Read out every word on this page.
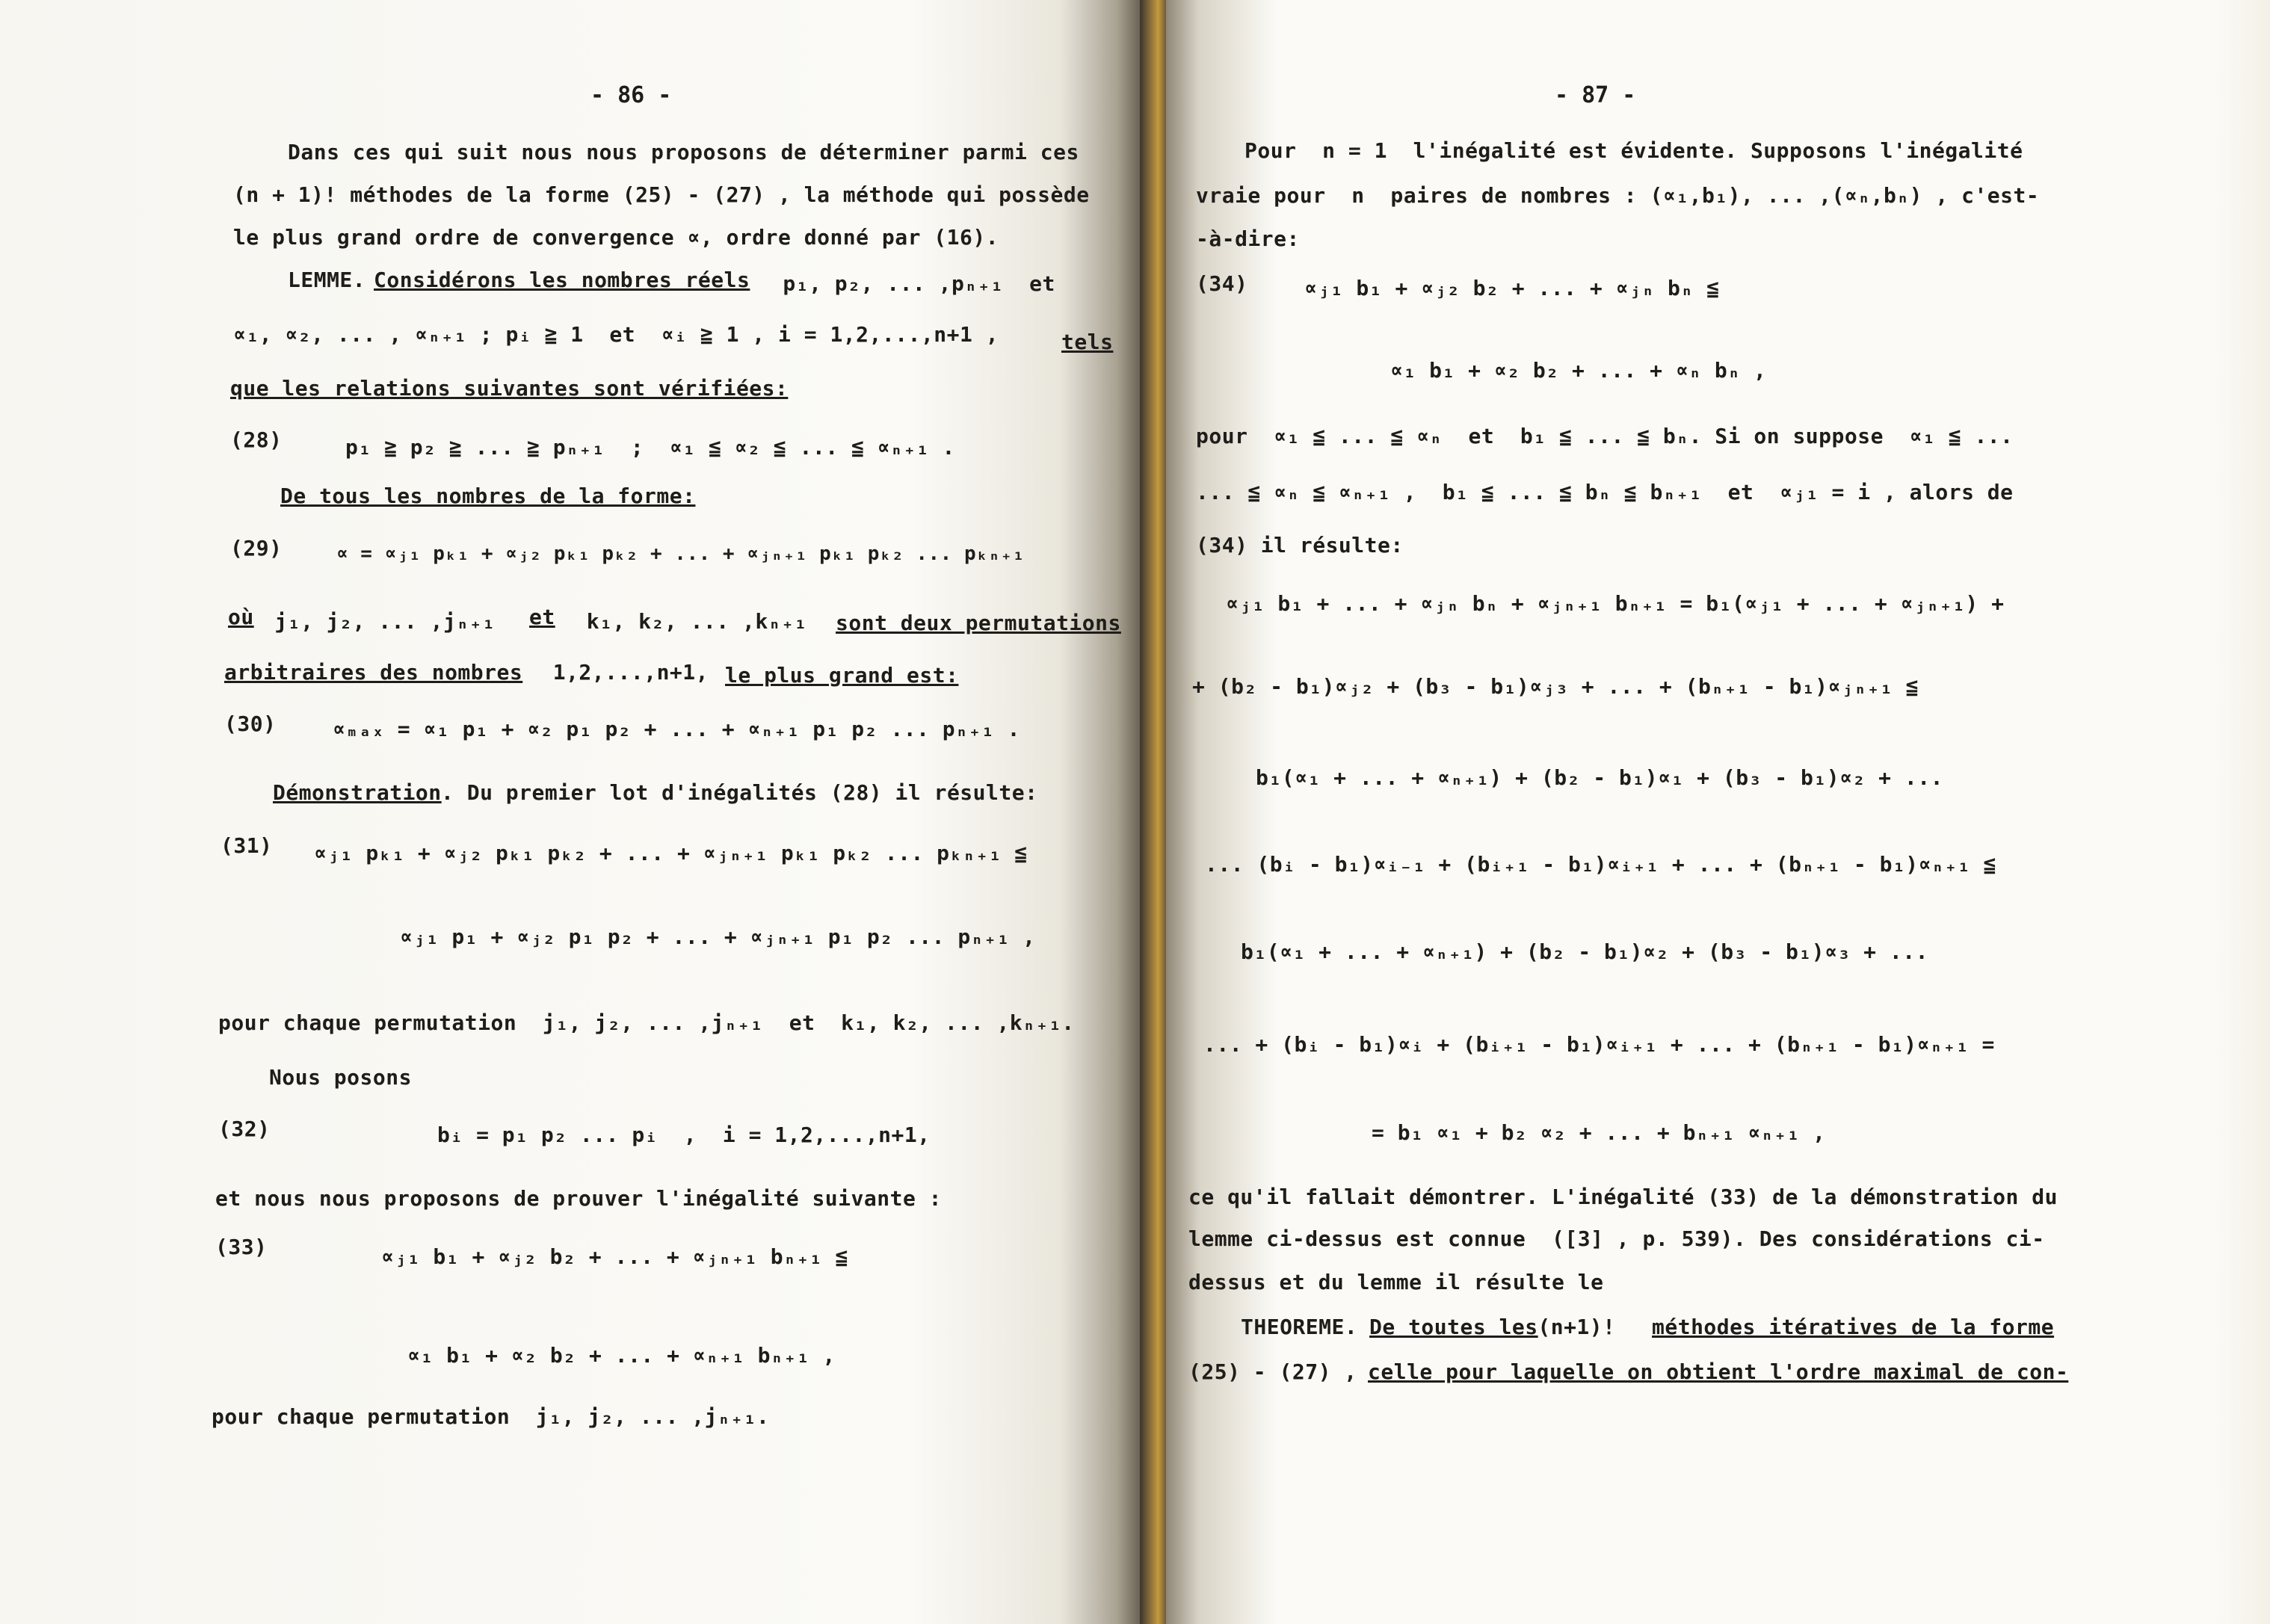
- 86 -
Dans ces qui suit nous nous proposons de déterminer parmi ces
(n + 1)! méthodes de la forme (25) - (27) , la méthode qui possède
le plus grand ordre de convergence ∝, ordre donné par (16).
LEMME.
Considérons les nombres réels p₁, p₂, ... ,pₙ₊₁  et
∝₁, ∝₂, ... , ∝ₙ₊₁ ; pᵢ ≧ 1  et  ∝ᵢ ≧ 1 , i = 1,2,...,n+1 , tels
que les relations suivantes sont vérifiées:
(28)	p₁ ≧ p₂ ≧ ... ≧ pₙ₊₁  ;  ∝₁ ≦ ∝₂ ≦ ... ≦ ∝ₙ₊₁ .
De tous les nombres de la forme:
(29)	∝ = ∝ⱼ₁ pₖ₁ + ∝ⱼ₂ pₖ₁ pₖ₂ + ... + ∝ⱼₙ₊₁ pₖ₁ pₖ₂ ... pₖₙ₊₁
où j₁, j₂, ... ,jₙ₊₁ et k₁, k₂, ... ,kₙ₊₁ sont deux permutations
arbitraires des nombres 1,2,...,n+1,
le plus grand est:
(30)	∝ₘₐₓ = ∝₁ p₁ + ∝₂ p₁ p₂ + ... + ∝ₙ₊₁ p₁ p₂ ... pₙ₊₁ .
Démonstration . Du premier lot d'inégalités (28) il résulte:
(31) ∝ⱼ₁ pₖ₁ + ∝ⱼ₂ pₖ₁ pₖ₂ + ... + ∝ⱼₙ₊₁ pₖ₁ pₖ₂ ... pₖₙ₊₁ ≦
∝ⱼ₁ p₁ + ∝ⱼ₂ p₁ p₂ + ... + ∝ⱼₙ₊₁ p₁ p₂ ... pₙ₊₁ ,
pour chaque permutation  j₁, j₂, ... ,jₙ₊₁  et  k₁, k₂, ... ,kₙ₊₁.
Nous posons
(32)	bᵢ = p₁ p₂ ... pᵢ  ,  i = 1,2,...,n+1,
et nous nous proposons de prouver l'inégalité suivante :
(33)	∝ⱼ₁ b₁ + ∝ⱼ₂ b₂ + ... + ∝ⱼₙ₊₁ bₙ₊₁ ≦
∝₁ b₁ + ∝₂ b₂ + ... + ∝ₙ₊₁ bₙ₊₁ ,
pour chaque permutation  j₁, j₂, ... ,jₙ₊₁.
- 87 -
Pour  n = 1  l'inégalité est évidente. Supposons l'inégalité
vraie pour  n  paires de nombres : (∝₁,b₁), ... ,(∝ₙ,bₙ) , c'est-
-à-dire:
(34)	∝ⱼ₁ b₁ + ∝ⱼ₂ b₂ + ... + ∝ⱼₙ bₙ ≦
∝₁ b₁ + ∝₂ b₂ + ... + ∝ₙ bₙ ,
pour  ∝₁ ≦ ... ≦ ∝ₙ  et  b₁ ≦ ... ≦ bₙ. Si on suppose  ∝₁ ≦ ...
... ≦ ∝ₙ ≦ ∝ₙ₊₁ ,  b₁ ≦ ... ≦ bₙ ≦ bₙ₊₁  et  ∝ⱼ₁ = i , alors de
(34) il résulte:
∝ⱼ₁ b₁ + ... + ∝ⱼₙ bₙ + ∝ⱼₙ₊₁ bₙ₊₁ = b₁(∝ⱼ₁ + ... + ∝ⱼₙ₊₁) +
+ (b₂ - b₁)∝ⱼ₂ + (b₃ - b₁)∝ⱼ₃ + ... + (bₙ₊₁ - b₁)∝ⱼₙ₊₁ ≦
b₁(∝₁ + ... + ∝ₙ₊₁) + (b₂ - b₁)∝₁ + (b₃ - b₁)∝₂ + ...
... (bᵢ - b₁)∝ᵢ₋₁ + (bᵢ₊₁ - b₁)∝ᵢ₊₁ + ... + (bₙ₊₁ - b₁)∝ₙ₊₁ ≦
b₁(∝₁ + ... + ∝ₙ₊₁) + (b₂ - b₁)∝₂ + (b₃ - b₁)∝₃ + ...
... + (bᵢ - b₁)∝ᵢ + (bᵢ₊₁ - b₁)∝ᵢ₊₁ + ... + (bₙ₊₁ - b₁)∝ₙ₊₁ =
= b₁ ∝₁ + b₂ ∝₂ + ... + bₙ₊₁ ∝ₙ₊₁ ,
ce qu'il fallait démontrer. L'inégalité (33) de la démonstration du
lemme ci-dessus est connue  ([3] , p. 539). Des considérations ci-
dessus et du lemme il résulte le
THEOREME.
De toutes les
(n+1)! méthodes itératives de la forme
(25) - (27) ,
celle pour laquelle on obtient l'ordre maximal de con-
